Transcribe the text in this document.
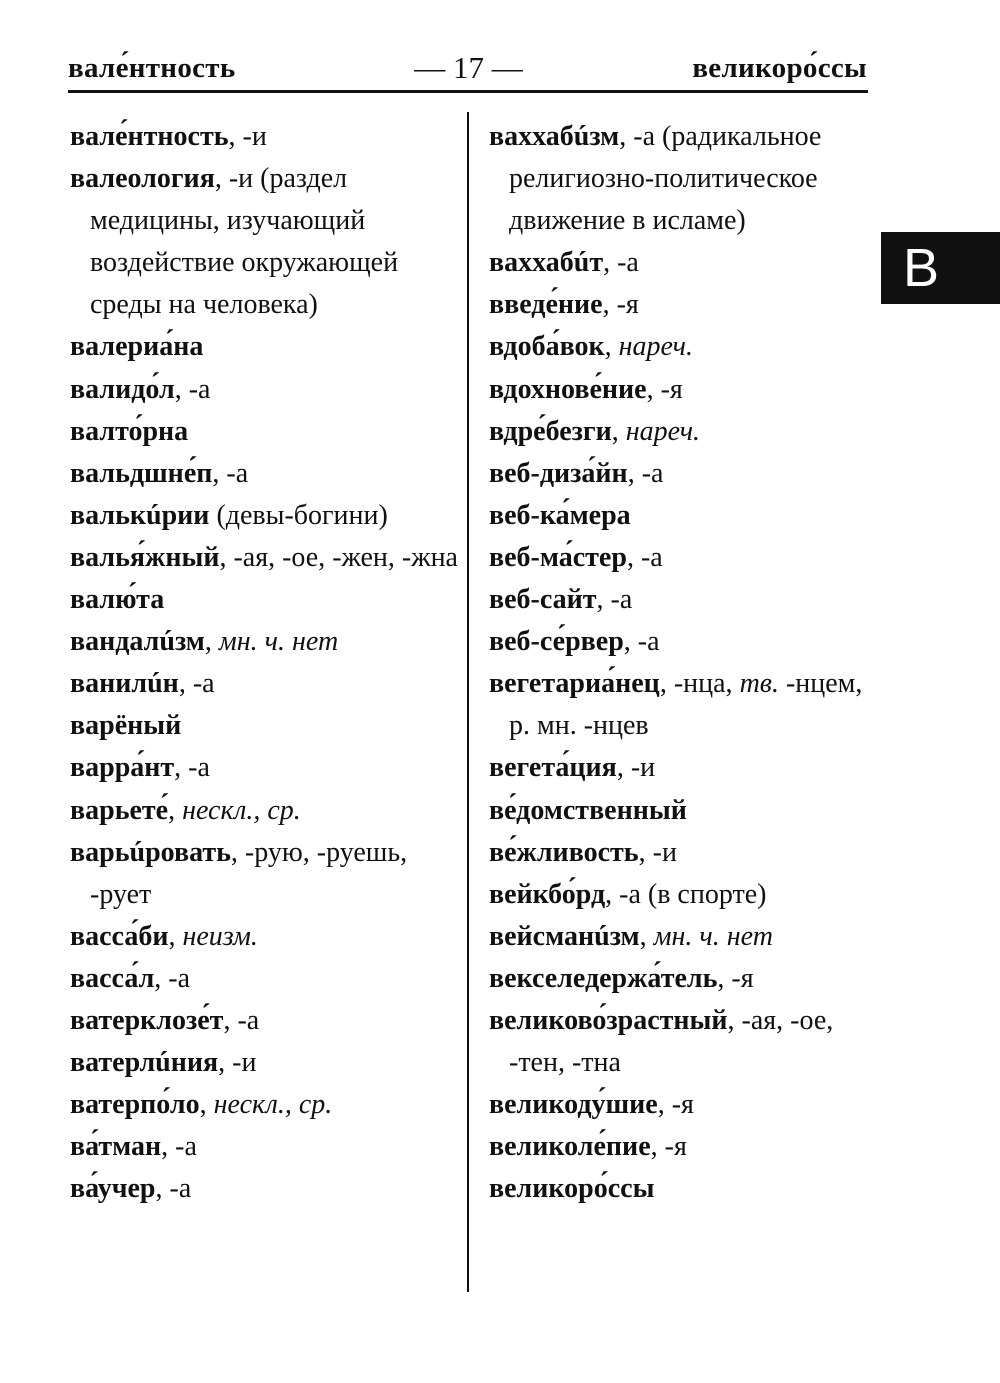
вале́нтность	— 17 —	великоро́ссы
вале́нтность, -и
валеология, -и (раздел медицины, изучающий воздействие окружающей среды на человека)
валериа́на
валидо́л, -а
валто́рна
вальдшне́п, -а
валькúрии (девы-богини)
валья́жный, -ая, -ое, -жен, -жна
валю́та
вандалúзм, мн. ч. нет
ванилúн, -а
варёный
варра́нт, -а
варьете́, нескл., ср.
варьúровать, -рую, -руешь, -рует
васса́би, неизм.
васса́л, -а
ватерклозе́т, -а
ватерлúния, -и
ватерпо́ло, нескл., ср.
ва́тман, -а
ва́учер, -а
ваххабúзм, -а (радикальное религиозно-политическое движение в исламе)
ваххабúт, -а
введе́ние, -я
вдоба́вок, нареч.
вдохнове́ние, -я
вдре́безги, нареч.
веб-диза́йн, -а
веб-ка́мера
веб-ма́стер, -а
веб-сайт, -а
веб-се́рвер, -а
вегетариа́нец, -нца, тв. -нцем, р. мн. -нцев
вегета́ция, -и
ве́домственный
ве́жливость, -и
вейкбо́рд, -а (в спорте)
вейсманúзм, мн. ч. нет
векселедержа́тель, -я
великово́зрастный, -ая, -ое, -тен, -тна
великоду́шие, -я
великоле́пие, -я
великоро́ссы
В
